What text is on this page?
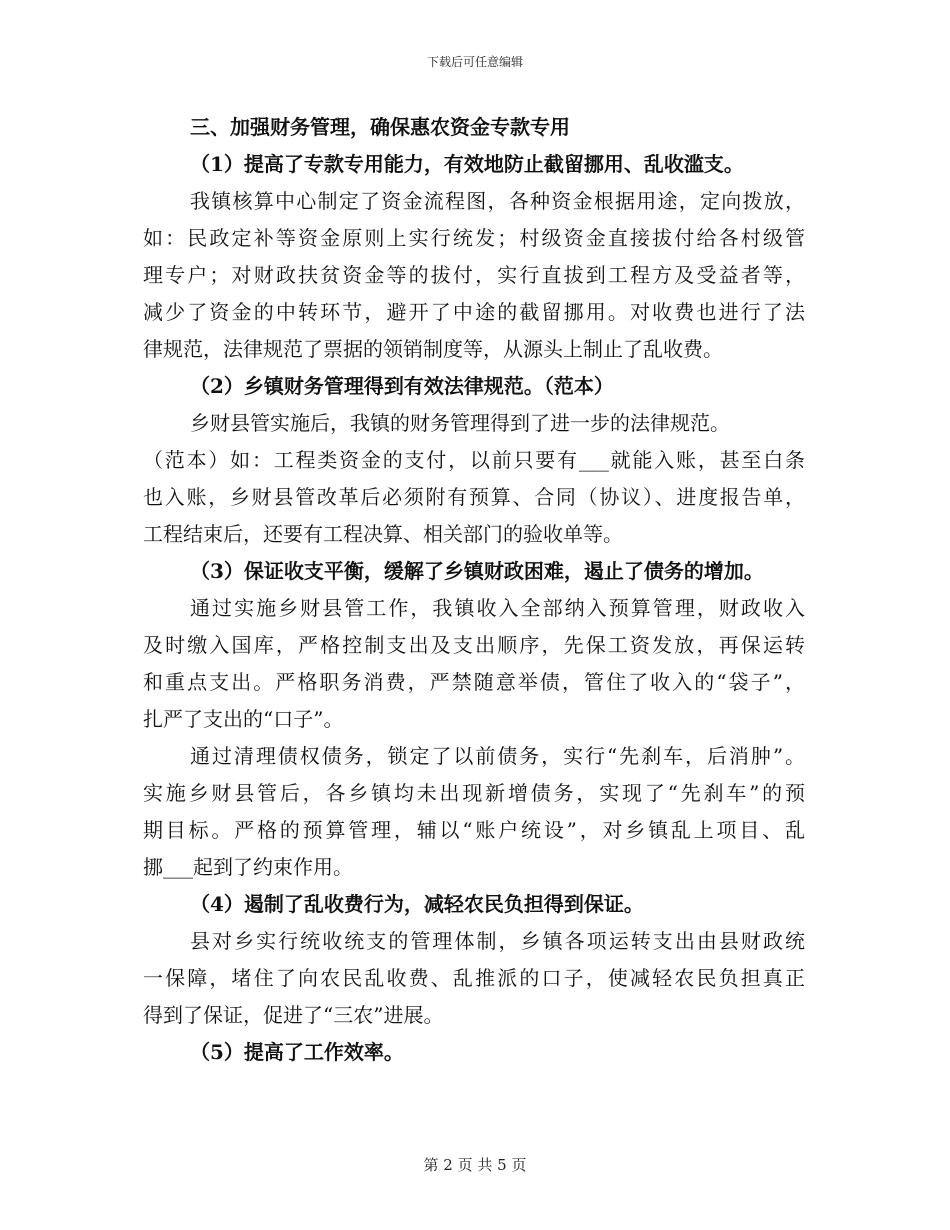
下载后可任意编辑
三、加强财务管理，确保惠农资金专款专用
（1）提高了专款专用能力，有效地防止截留挪用、乱收滥支。
我镇核算中心制定了资金流程图，各种资金根据用途，定向拨放，
如：民政定补等资金原则上实行统发；村级资金直接拔付给各村级管
理专户；对财政扶贫资金等的拔付，实行直拔到工程方及受益者等，
减少了资金的中转环节，避开了中途的截留挪用。对收费也进行了法
律规范，法律规范了票据的领销制度等，从源头上制止了乱收费。
（2）乡镇财务管理得到有效法律规范。（范本）
乡财县管实施后，我镇的财务管理得到了进一步的法律规范。
（范本）如：工程类资金的支付，以前只要有___就能入账，甚至白条
也入账，乡财县管改革后必须附有预算、合同（协议）、进度报告单，
工程结束后，还要有工程决算、相关部门的验收单等。
（3）保证收支平衡，缓解了乡镇财政困难，遏止了债务的增加。
通过实施乡财县管工作，我镇收入全部纳入预算管理，财政收入
及时缴入国库，严格控制支出及支出顺序，先保工资发放，再保运转
和重点支出。严格职务消费，严禁随意举债，管住了收入的“袋子”，
扎严了支出的“口子”。
通过清理债权债务，锁定了以前债务，实行“先刹车，后消肿”。
实施乡财县管后，各乡镇均未出现新增债务，实现了“先刹车”的预
期目标。严格的预算管理，辅以“账户统设”，对乡镇乱上项目、乱
挪___起到了约束作用。
（4）遏制了乱收费行为，减轻农民负担得到保证。
县对乡实行统收统支的管理体制，乡镇各项运转支出由县财政统
一保障，堵住了向农民乱收费、乱推派的口子，使减轻农民负担真正
得到了保证，促进了“三农”进展。
（5）提高了工作效率。
第 2 页 共 5 页
